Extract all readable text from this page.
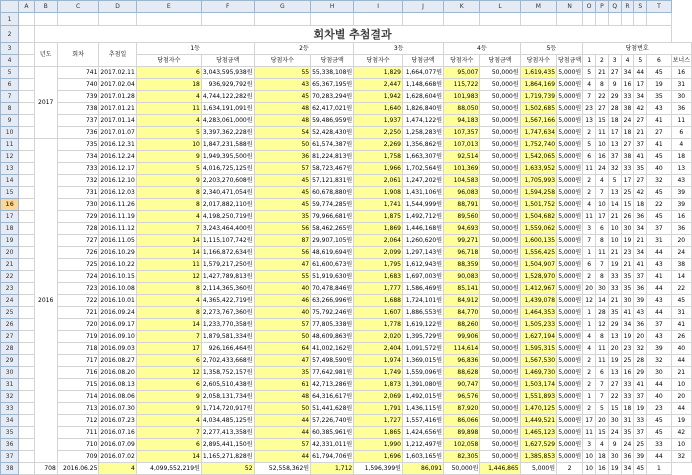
	A	B	C	D	E	F	G	H	I	J	K	L	M	N	O	P	Q	R	S	T	
1																					
2		회차별 추첨결과																			
3		년도	회차	추첨일	1등		2등		3등		4등		5등		당첨번호						
4					당첨자수	당첨금액	당첨자수	당첨금액	당첨자수	당첨금액	당첨자수	당첨금액	당첨자수	당첨금액	1	2	3	4	5	6	보너스
5		2017	741	2017.02.11	6	3,043,595,938원	55	55,338,108원	1,829	1,664,077원	95,007	50,000원	1,619,435	5,000원	5	21	27	34	44	45	16
6			740	2017.02.04	18	936,929,792원	43	65,367,195원	2,447	1,148,668원	115,722	50,000원	1,864,169	5,000원	4	8	9	16	17	19	31
7			739	2017.01.28	4	4,744,122,282원	45	70,283,294원	1,942	1,628,604원	101,983	50,000원	1,719,739	5,000원	7	22	29	33	34	35	30
8			738	2017.01.21	11	1,634,191,091원	48	62,417,021원	1,640	1,826,840원	88,050	50,000원	1,502,685	5,000원	23	27	28	38	42	43	36
9			737	2017.01.14	4	4,283,061,000원	48	59,486,959원	1,937	1,474,122원	94,183	50,000원	1,567,166	5,000원	13	15	18	24	27	41	11
10			736	2017.01.07	5	3,397,362,228원	54	52,428,430원	2,250	1,258,283원	107,357	50,000원	1,747,634	5,000원	2	11	17	18	21	27	6
11		2016	735	2016.12.31	10	1,847,231,588원	50	61,574,387원	2,269	1,356,862원	107,013	50,000원	1,752,740	5,000원	5	10	13	27	37	41	4
12			734	2016.12.24	9	1,949,395,500원	36	81,224,813원	1,758	1,663,307원	92,514	50,000원	1,542,065	5,000원	6	16	37	38	41	45	18
13			733	2016.12.17	5	4,016,725,125원	57	58,723,467원	1,966	1,702,564원	101,369	50,000원	1,633,952	5,000원	11	24	32	33	35	40	13
14			732	2016.12.10	9	2,203,270,608원	45	57,121,831원	2,061	1,247,202원	104,583	50,000원	1,705,993	5,000원	2	4	5	17	27	32	43
15			731	2016.12.03	8	2,340,471,054원	45	60,678,880원	1,908	1,431,106원	96,083	50,000원	1,594,258	5,000원	2	7	13	25	42	45	39
16			730	2016.11.26	8	2,017,882,110원	45	59,774,285원	1,741	1,544,999원	88,791	50,000원	1,501,752	5,000원	4	10	14	15	18	22	39
17			729	2016.11.19	4	4,198,250,719원	35	79,966,681원	1,875	1,492,712원	89,560	50,000원	1,504,682	5,000원	11	17	21	26	36	45	16
18			728	2016.11.12	7	3,243,464,400원	56	58,462,265원	1,869	1,446,168원	94,693	50,000원	1,559,062	5,000원	3	6	10	30	34	37	36
19			727	2016.11.05	14	1,115,107,742원	87	29,907,105원	2,064	1,260,620원	99,271	50,000원	1,600,135	5,000원	7	8	10	19	21	31	20
20			726	2016.10.29	14	1,166,872,634원	56	48,619,694원	2,099	1,297,143원	96,718	50,000원	1,556,425	5,000원	1	11	21	23	34	44	24
21			725	2016.10.22	11	1,579,217,250원	47	61,600,673원	1,795	1,612,943원	88,359	50,000원	1,504,907	5,000원	6	7	19	21	41	43	38
22			724	2016.10.15	12	1,427,789,813원	55	51,919,630원	1,683	1,697,003원	90,083	50,000원	1,528,970	5,000원	2	8	33	35	37	41	14
23			723	2016.10.08	8	2,114,365,360원	40	70,478,846원	1,777	1,586,469원	85,141	50,000원	1,412,967	5,000원	20	30	33	35	36	44	22
24			722	2016.10.01	4	4,365,422,719원	46	63,266,996원	1,688	1,724,101원	84,912	50,000원	1,439,078	5,000원	12	14	21	30	39	43	45
25			721	2016.09.24	8	2,273,767,360원	40	75,792,246원	1,607	1,886,553원	84,770	50,000원	1,464,353	5,000원	1	28	35	41	43	44	31
26			720	2016.09.17	14	1,233,770,358원	57	77,805,338원	1,778	1,619,122원	88,260	50,000원	1,505,233	5,000원	1	12	29	34	36	37	41
27			719	2016.09.10	7	1,879,581,334원	50	48,609,863원	2,020	1,395,729원	99,906	50,000원	1,627,194	5,000원	4	8	13	19	20	43	26
28			718	2016.09.03	17	926,166,464원	64	41,002,162원	2,404	1,091,572원	114,614	50,000원	1,595,315	5,000원	4	11	20	23	32	39	40
29			717	2016.08.27	6	2,702,433,668원	47	57,498,590원	1,974	1,369,015원	96,836	50,000원	1,567,530	5,000원	2	11	19	25	28	32	44
30			716	2016.08.20	12	1,358,752,157원	35	77,642,981원	1,749	1,559,096원	88,628	50,000원	1,469,730	5,000원	2	6	13	16	29	30	21
31			715	2016.08.13	6	2,605,510,438원	61	42,713,286원	1,873	1,391,080원	90,747	50,000원	1,503,174	5,000원	2	7	27	33	41	44	10
32			714	2016.08.06	9	2,058,131,734원	48	64,316,617원	2,069	1,492,015원	96,576	50,000원	1,551,893	5,000원	1	7	22	33	37	40	20
33			713	2016.07.30	9	1,714,720,917원	50	51,441,628원	1,791	1,436,115원	87,920	50,000원	1,470,125	5,000원	2	5	15	18	19	23	44
34			712	2016.07.23	4	4,034,485,125원	44	57,226,740원	1,727	1,557,416원	86,066	50,000원	1,449,521	5,000원	17	20	30	31	33	45	19
35			711	2016.07.16	7	2,277,413,358원	44	60,385,961원	1,865	1,424,656원	89,898	50,000원	1,465,123	5,000원	11	15	24	35	37	45	42
36			710	2016.07.09	6	2,895,441,150원	57	42,331,011원	1,990	1,212,497원	102,058	50,000원	1,627,529	5,000원	3	4	9	24	25	33	10
37			709	2016.07.02	14	1,165,271,828원	44	61,794,706원	1,696	1,603,165원	82,305	50,000원	1,385,853	5,000원	10	18	30	36	39	44	32
38		708	2016.06.25	4	4,099,552,219원	52	52,558,362원	1,712	1,596,399원	86,091	50,000원	1,446,865	5,000원	2	10	16	19	34	45	1	
